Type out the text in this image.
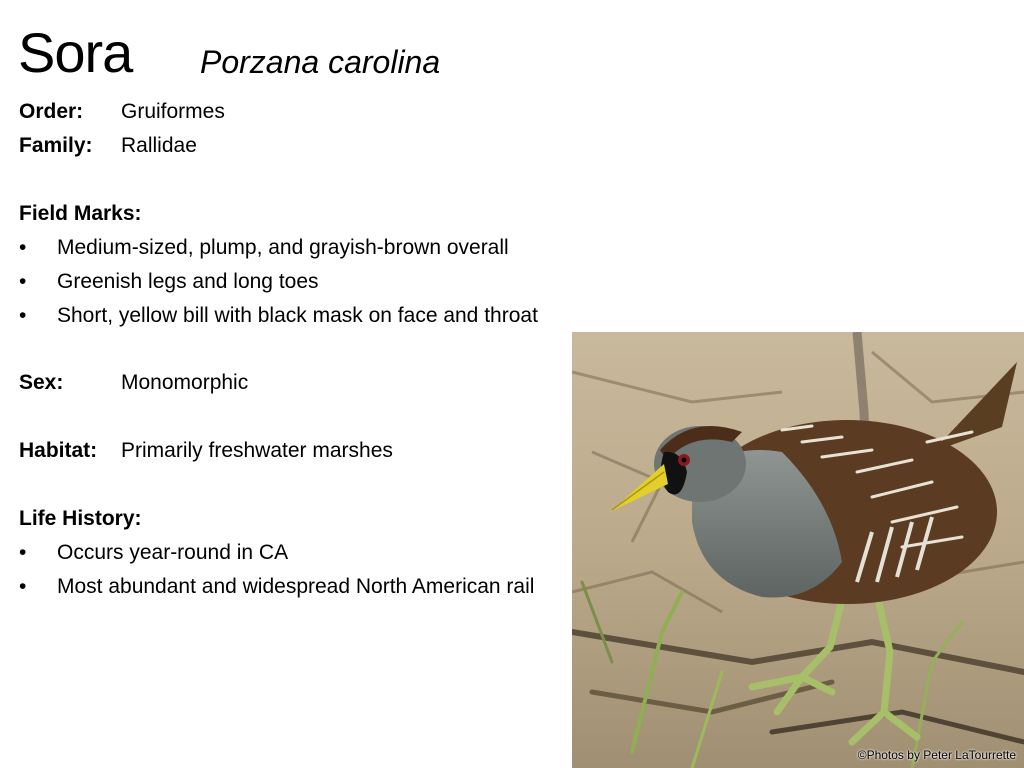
Sora Porzana carolina
Order: Gruiformes
Family: Rallidae
Field Marks:
• Medium-sized, plump, and grayish-brown overall
• Greenish legs and long toes
• Short, yellow bill with black mask on face and throat
Sex:	Monomorphic
Habitat: Primarily freshwater marshes
Life History:
• Occurs year-round in CA
• Most abundant and widespread North American rail
©Photos by Peter LaTourrette
